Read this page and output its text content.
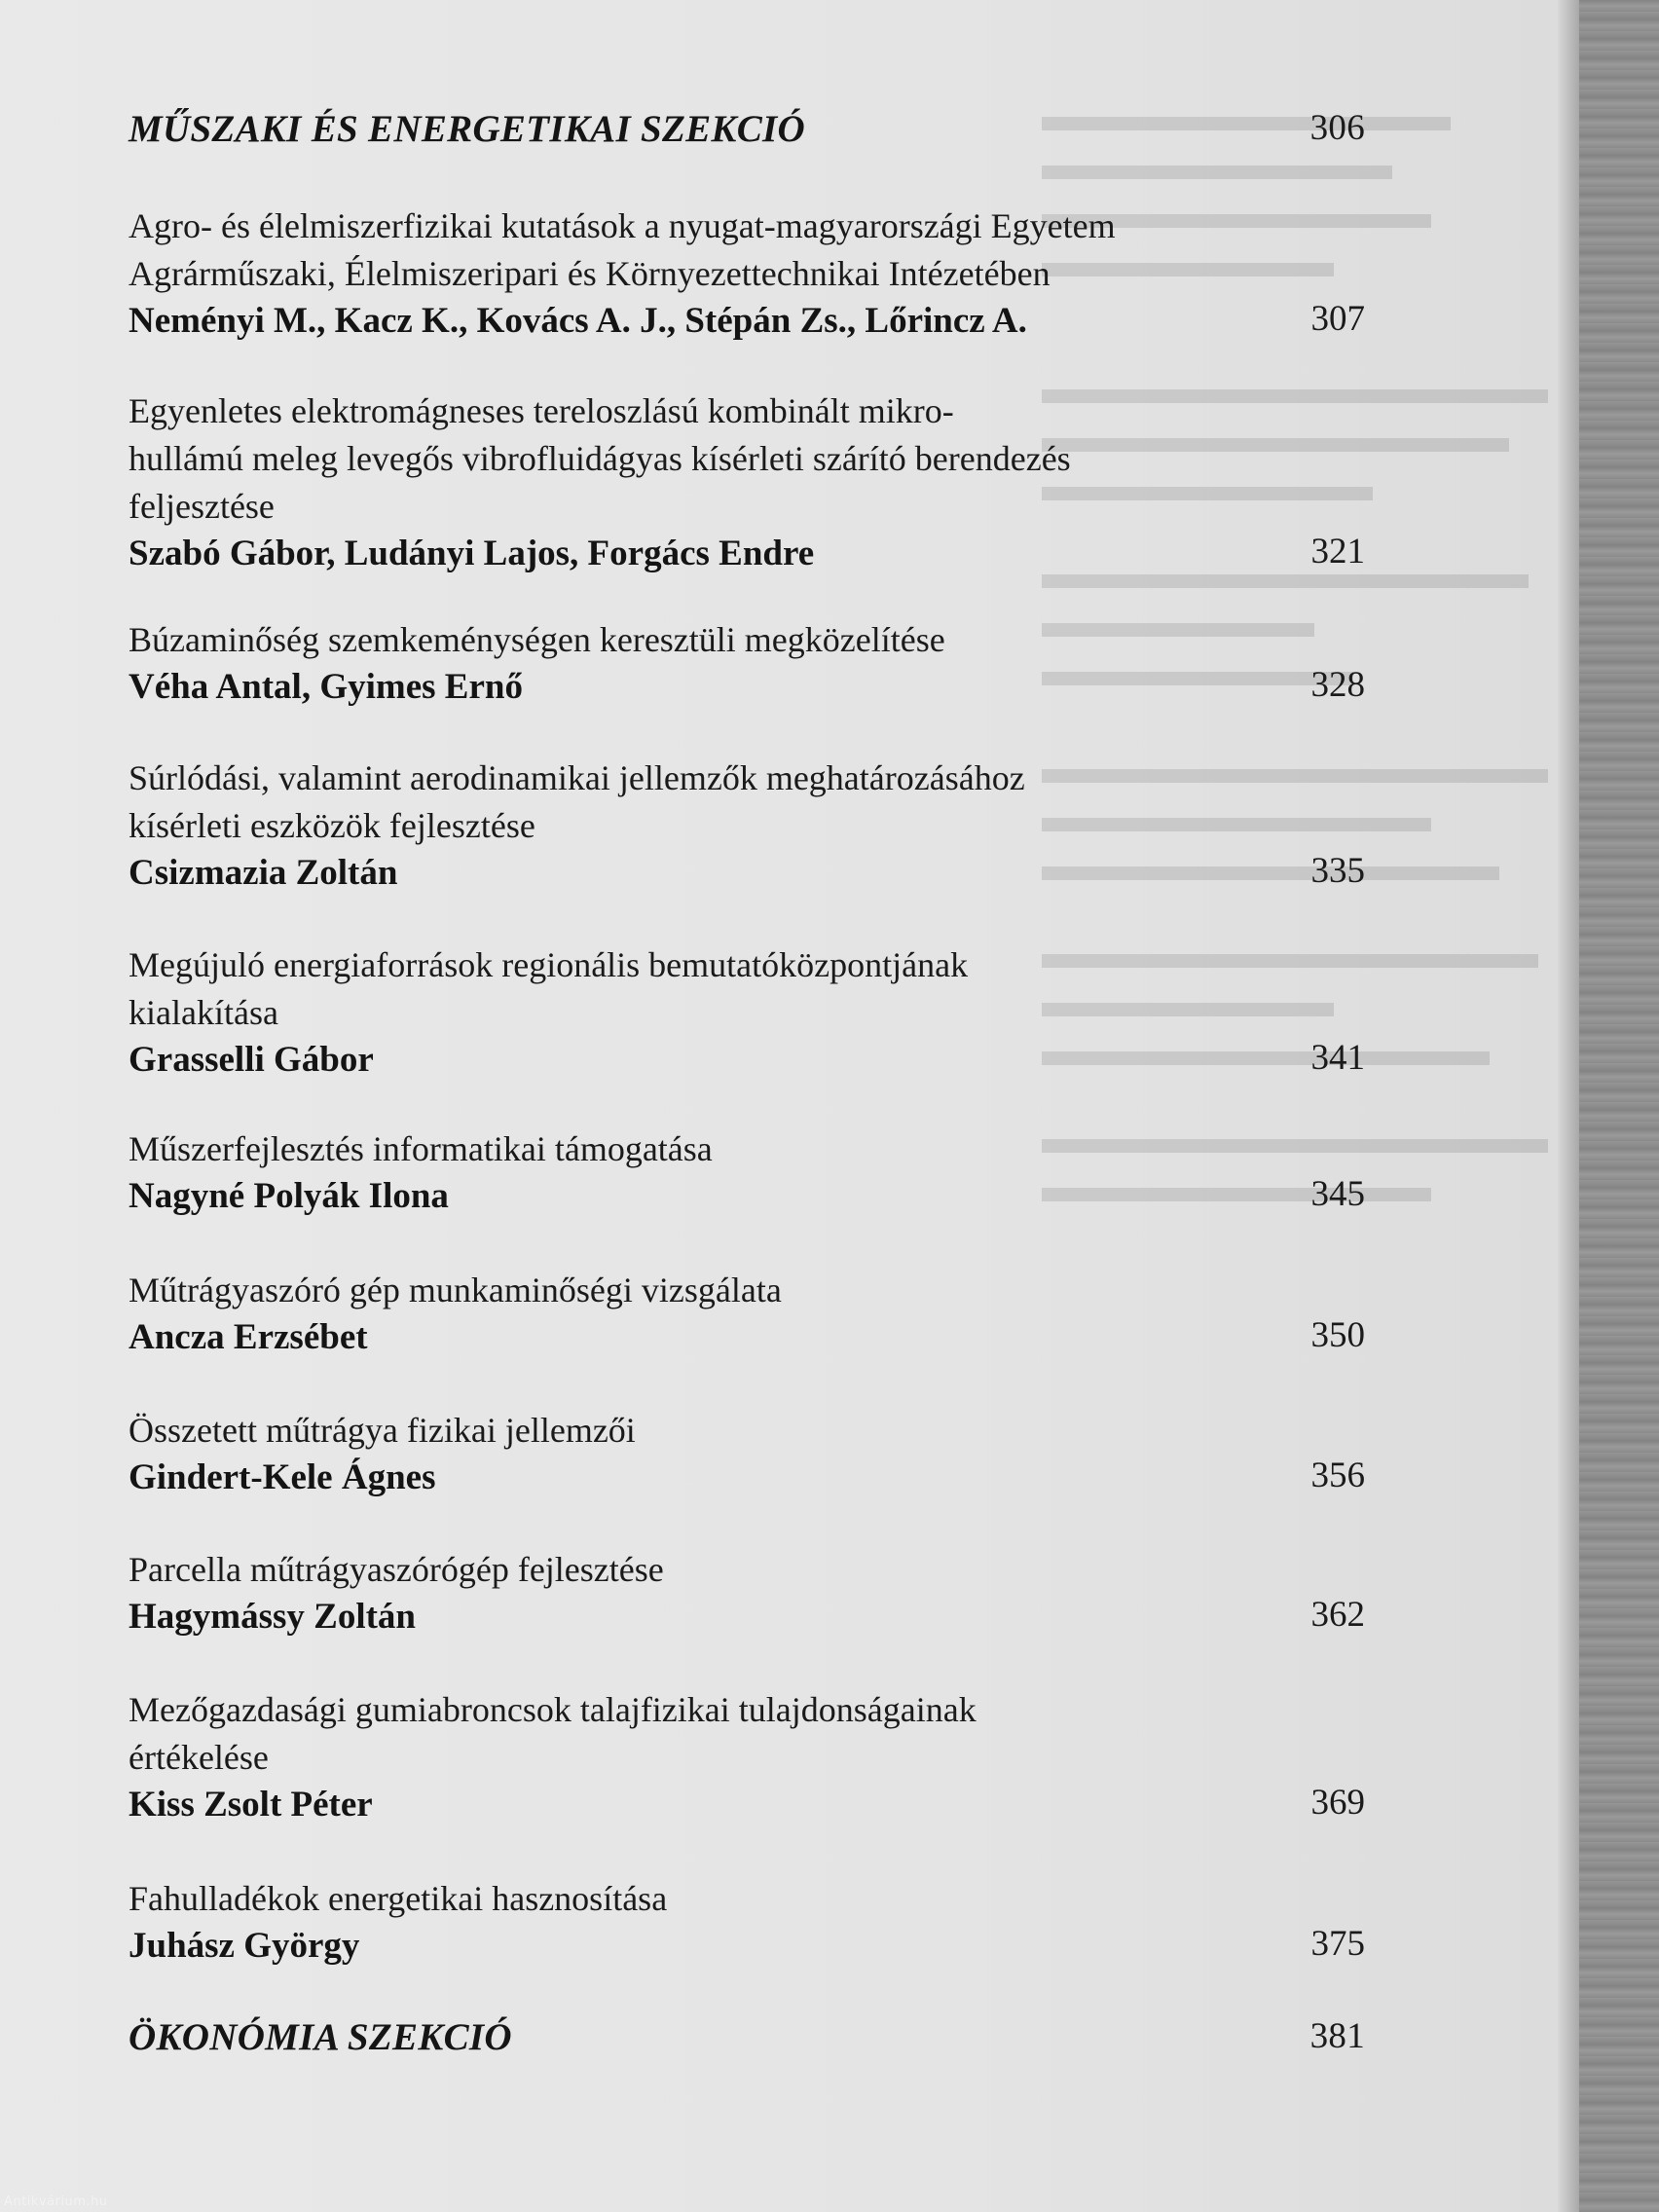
MŰSZAKI ÉS ENERGETIKAI SZEKCIÓ	306
Agro- és élelmiszerfizikai kutatások a nyugat-magyarországi Egyetem
Agrárműszaki, Élelmiszeripari és Környezettechnikai Intézetében
Neményi M., Kacz K., Kovács A. J., Stépán Zs., Lőrincz A.	307
Egyenletes elektromágneses tereloszlású kombinált mikro-
hullámú meleg levegős vibrofluidágyas kísérleti szárító berendezés
feljesztése
Szabó Gábor, Ludányi Lajos, Forgács Endre	321
Búzaminőség szemkeménységen keresztüli megközelítése
Véha Antal, Gyimes Ernő	328
Súrlódási, valamint aerodinamikai jellemzők meghatározásához
kísérleti eszközök fejlesztése
Csizmazia Zoltán	335
Megújuló energiaforrások regionális bemutatóközpontjának
kialakítása
Grasselli Gábor	341
Műszerfejlesztés informatikai támogatása
Nagyné Polyák Ilona	345
Műtrágyaszóró gép munkaminőségi vizsgálata
Ancza Erzsébet	350
Összetett műtrágya fizikai jellemzői
Gindert-Kele Ágnes	356
Parcella műtrágyaszórógép fejlesztése
Hagymássy Zoltán	362
Mezőgazdasági gumiabroncsok talajfizikai tulajdonságainak
értékelése
Kiss Zsolt Péter	369
Fahulladékok energetikai hasznosítása
Juhász György	375
ÖKONÓMIA SZEKCIÓ	381
Antikvárium.hu
